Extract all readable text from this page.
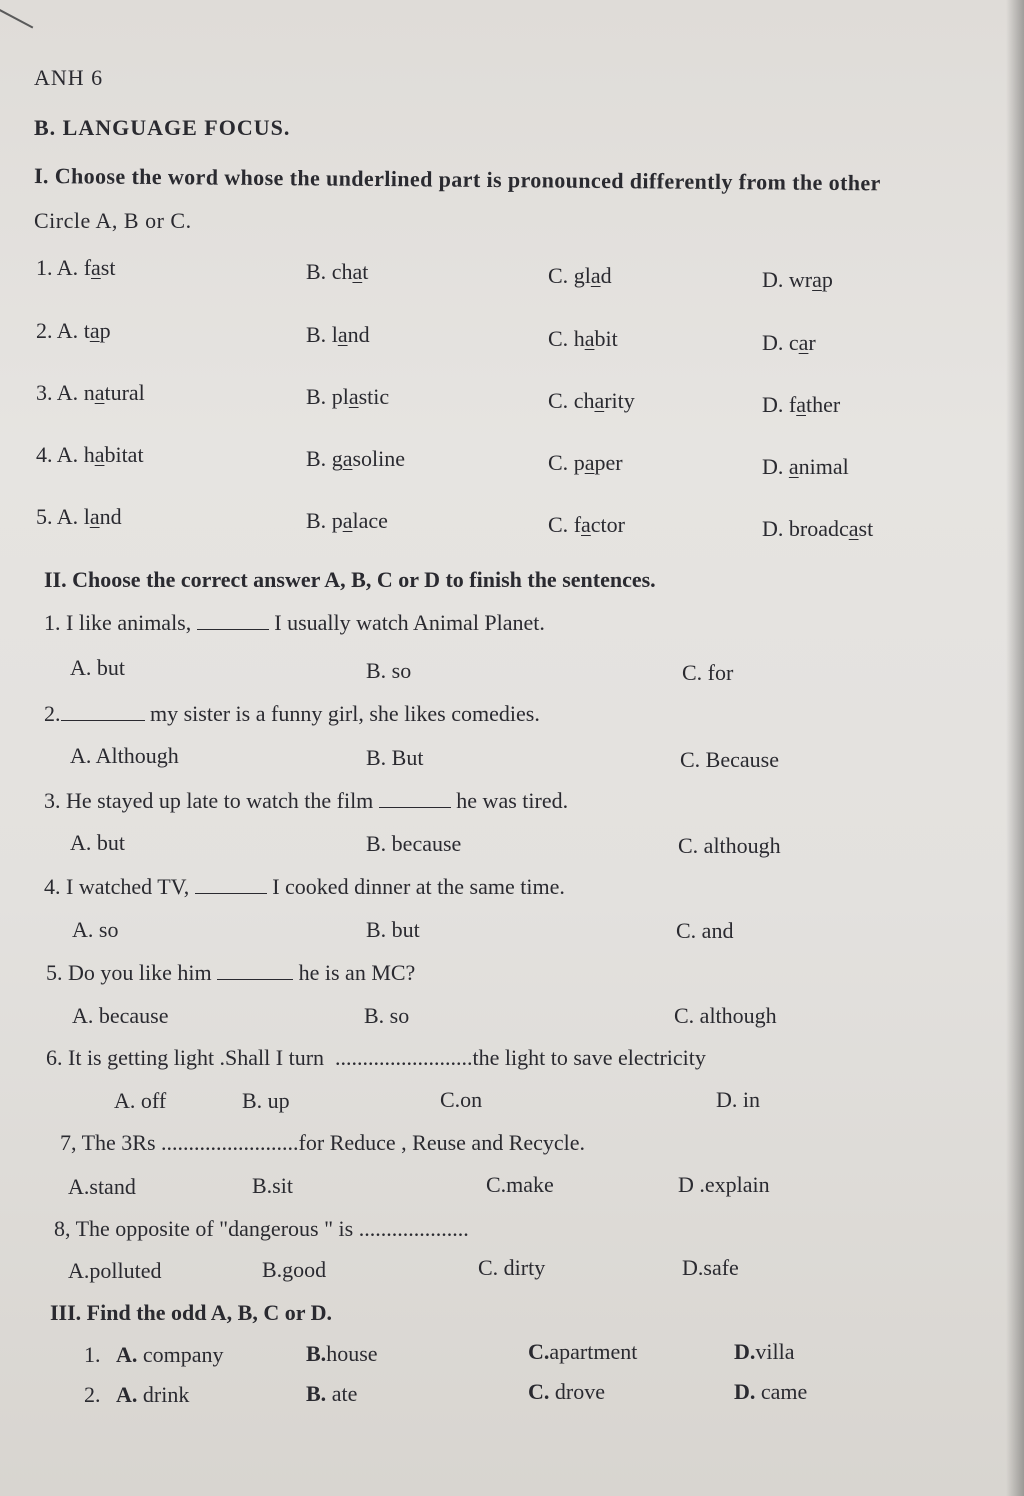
ANH 6
B. LANGUAGE FOCUS.
I. Choose the word whose the underlined part is pronounced differently from the other
Circle A, B or C.
1. A. fast	B. chat	C. glad	D. wrap
2. A. tap	B. land	C. habit	D. car
3. A. natural	B. plastic	C. charity	D. father
4. A. habitat	B. gasoline	C. paper	D. animal
5. A. land	B. palace	C. factor	D. broadcast
II. Choose the correct answer A, B, C or D to finish the sentences.
1. I like animals,	I usually watch Animal Planet.
A. but	B. so	C. for
2.	my sister is a funny girl, she likes comedies.
A. Although	B. But	C. Because
3. He stayed up late to watch the film	he was tired.
A. but	B. because	C. although
4. I watched TV,	I cooked dinner at the same time.
A. so	B. but	C. and
5. Do you like him	he is an MC?
A. because	B. so	C. although
6. It is getting light .Shall I turn .........................the light to save electricity
A. off	B. up	C.on	D. in
7, The 3Rs .........................for Reduce , Reuse and Recycle.
A.stand	B.sit	C.make	D .explain
8, The opposite of "dangerous " is ....................
A.polluted	B.good	C. dirty	D.safe
III. Find the odd A, B, C or D.
1. A. company	B.house	C.apartment	D.villa
2. A. drink	B. ate	C. drove	D. came
